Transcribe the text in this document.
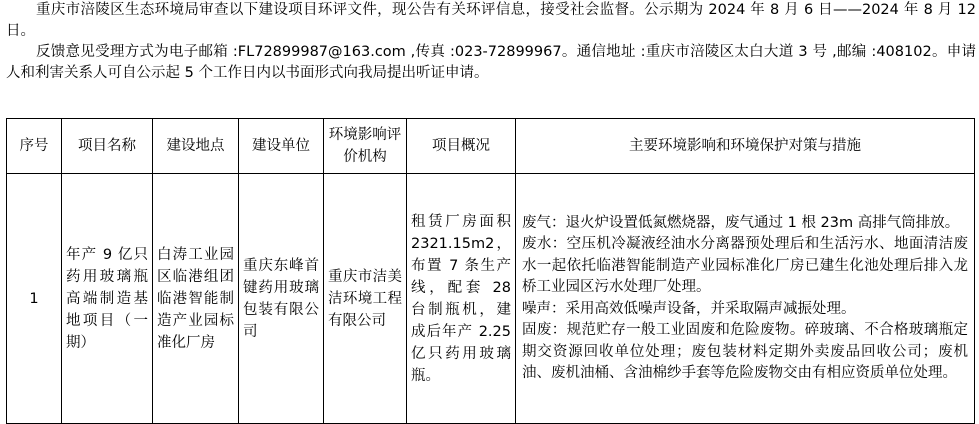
重庆市涪陵区生态环境局审查以下建设项目环评文件，现公告有关环评信息，接受社会监督。公示期为 2024 年 8 月 6 日——2024 年 8 月 12 日。

反馈意见受理方式为电子邮箱 :FL72899987@163.com ,传真 :023-72899967。通信地址 :重庆市涪陵区太白大道 3 号 ,邮编 :408102。申请人和利害关系人可自公示起 5 个工作日内以书面形式向我局提出听证申请。

序号	项目名称	建设地点	建设单位	环境影响评价机构	项目概况	主要环境影响和环境保护对策与措施
1	年产 9 亿只药用玻璃瓶高端制造基地项目（一期）	白涛工业园区临港组团临港智能制造产业园标准化厂房	重庆东峰首键药用玻璃包装有限公司	重庆市洁美洁环境工程有限公司	租赁厂房面积 2321.15m2，布置 7 条生产线，配套 28 台制瓶机，建成后年产 2.25 亿只药用玻璃瓶。	废气：退火炉设置低氮燃烧器，废气通过 1 根 23m 高排气筒排放。
废水：空压机冷凝液经油水分离器预处理后和生活污水、地面清洁废水一起依托临港智能制造产业园标准化厂房已建生化池处理后排入龙桥工业园区污水处理厂处理。
噪声：采用高效低噪声设备，并采取隔声减振处理。
固废：规范贮存一般工业固废和危险废物。碎玻璃、不合格玻璃瓶定期交资源回收单位处理；废包装材料定期外卖废品回收公司；废机油、废机油桶、含油棉纱手套等危险废物交由有相应资质单位处理。
